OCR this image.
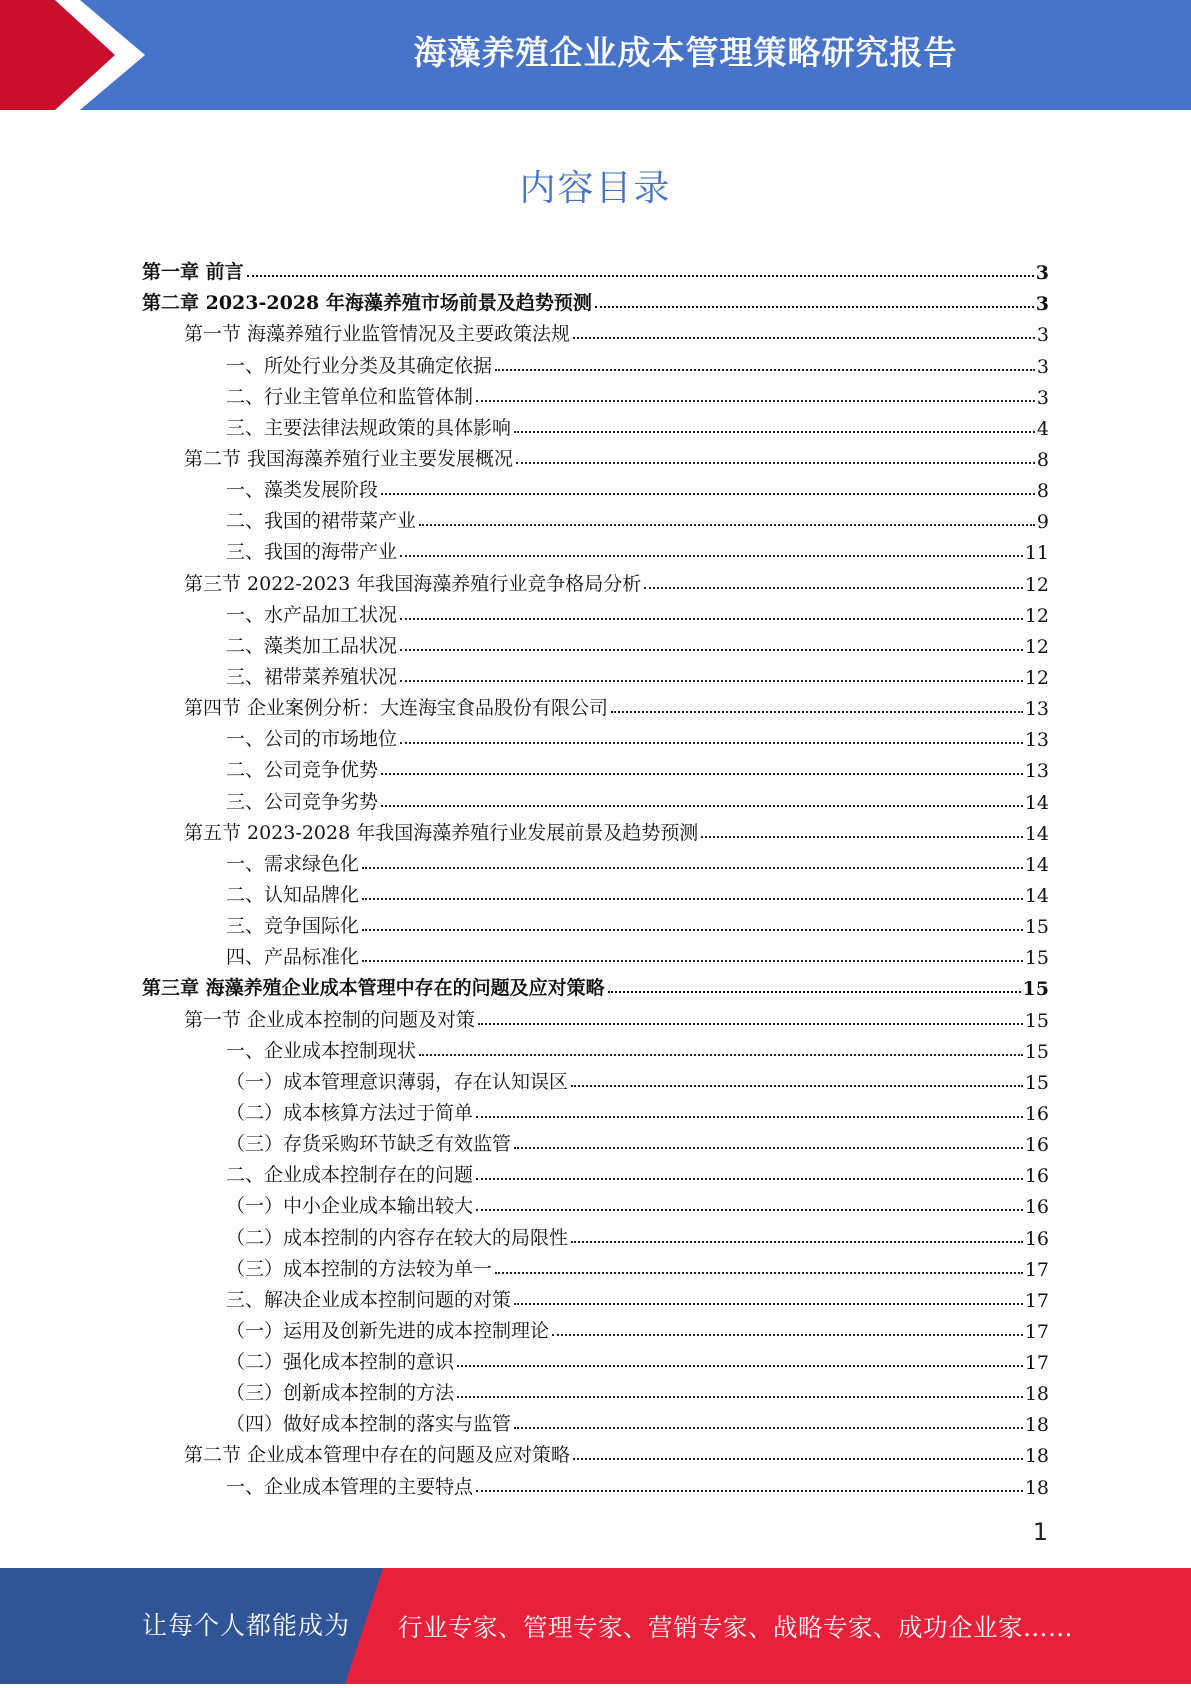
海藻养殖企业成本管理策略研究报告
内容目录
第一章 前言	3
第二章 2023-2028 年海藻养殖市场前景及趋势预测	3
第一节 海藻养殖行业监管情况及主要政策法规	3
一、所处行业分类及其确定依据	3
二、行业主管单位和监管体制	3
三、主要法律法规政策的具体影响	4
第二节 我国海藻养殖行业主要发展概况	8
一、藻类发展阶段	8
二、我国的裙带菜产业	9
三、我国的海带产业	11
第三节 2022-2023 年我国海藻养殖行业竞争格局分析	12
一、水产品加工状况	12
二、藻类加工品状况	12
三、裙带菜养殖状况	12
第四节 企业案例分析：大连海宝食品股份有限公司	13
一、公司的市场地位	13
二、公司竞争优势	13
三、公司竞争劣势	14
第五节 2023-2028 年我国海藻养殖行业发展前景及趋势预测	14
一、需求绿色化	14
二、认知品牌化	14
三、竞争国际化	15
四、产品标准化	15
第三章 海藻养殖企业成本管理中存在的问题及应对策略	15
第一节 企业成本控制的问题及对策	15
一、企业成本控制现状	15
（一）成本管理意识薄弱，存在认知误区	15
（二）成本核算方法过于简单	16
（三）存货采购环节缺乏有效监管	16
二、企业成本控制存在的问题	16
（一）中小企业成本输出较大	16
（二）成本控制的内容存在较大的局限性	16
（三）成本控制的方法较为单一	17
三、解决企业成本控制问题的对策	17
（一）运用及创新先进的成本控制理论	17
（二）强化成本控制的意识	17
（三）创新成本控制的方法	18
（四）做好成本控制的落实与监管	18
第二节 企业成本管理中存在的问题及应对策略	18
一、企业成本管理的主要特点	18
1
让每个人都能成为 行业专家、管理专家、营销专家、战略专家、成功企业家……
